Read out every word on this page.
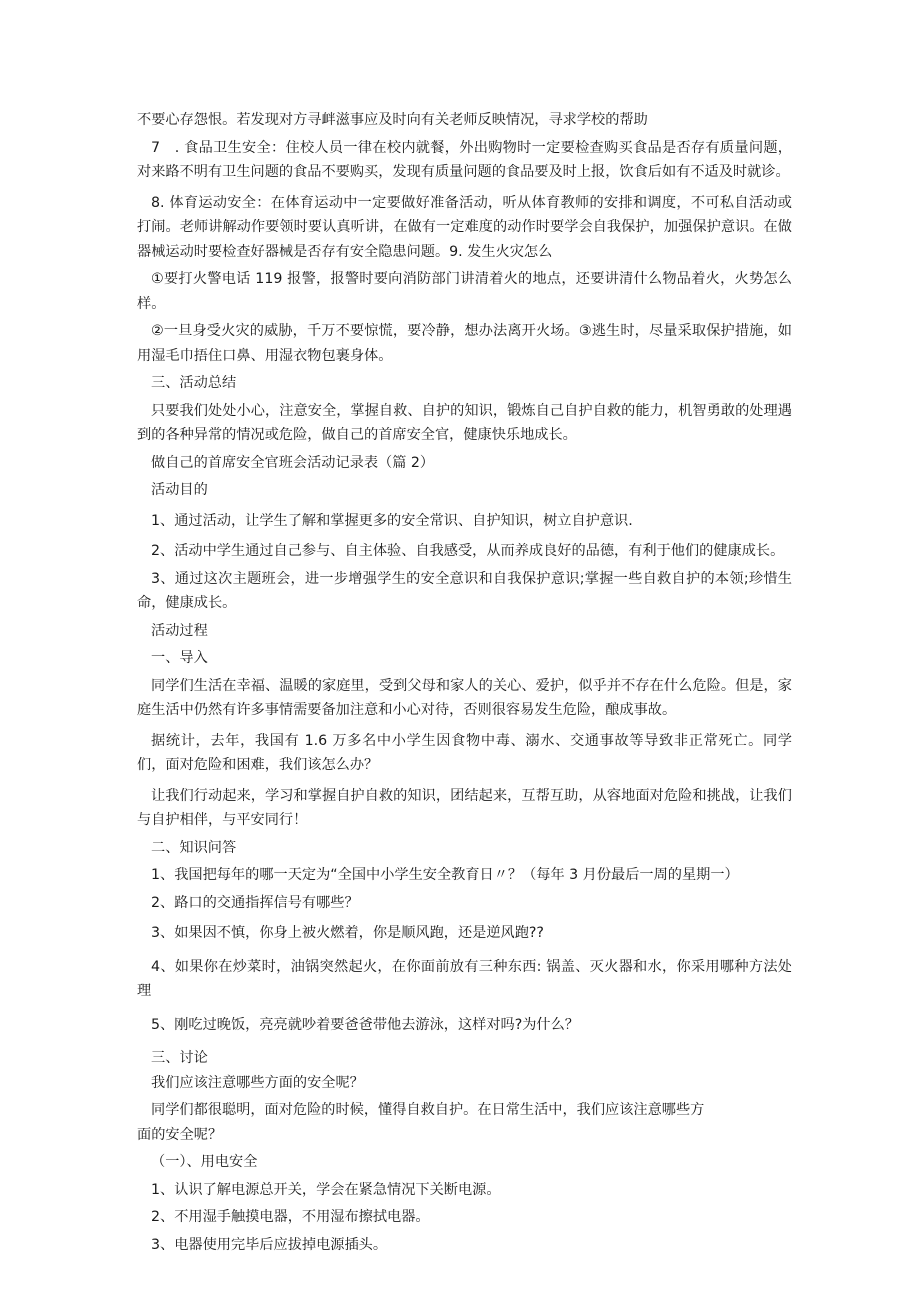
不要心存怨恨。若发现对方寻衅滋事应及时向有关老师反映情况，寻求学校的帮助

7　. 食品卫生安全：住校人员一律在校内就餐，外出购物时一定要检查购买食品是否存有质量问题，对来路不明有卫生问题的食品不要购买，发现有质量问题的食品要及时上报，饮食后如有不适及时就诊。

8. 体育运动安全：在体育运动中一定要做好准备活动，听从体育教师的安排和调度，不可私自活动或打闹。老师讲解动作要领时要认真听讲，在做有一定难度的动作时要学会自我保护，加强保护意识。在做器械运动时要检查好器械是否存有安全隐患问题。9. 发生火灾怎么

①要打火警电话 119 报警，报警时要向消防部门讲清着火的地点，还要讲清什么物品着火，火势怎么样。

②一旦身受火灾的威胁，千万不要惊慌，要冷静，想办法离开火场。③逃生时，尽量采取保护措施，如用湿毛巾捂住口鼻、用湿衣物包裹身体。

三、活动总结

只要我们处处小心，注意安全，掌握自救、自护的知识，锻炼自己自护自救的能力，机智勇敢的处理遇到的各种异常的情况或危险，做自己的首席安全官，健康快乐地成长。

做自己的首席安全官班会活动记录表（篇 2）

活动目的

1、通过活动，让学生了解和掌握更多的安全常识、自护知识，树立自护意识.

2、活动中学生通过自己参与、自主体验、自我感受，从而养成良好的品德，有利于他们的健康成长。

3、通过这次主题班会，进一步增强学生的安全意识和自我保护意识;掌握一些自救自护的本领;珍惜生命，健康成长。

活动过程

一、导入

同学们生活在幸福、温暖的家庭里，受到父母和家人的关心、爱护，似乎并不存在什么危险。但是，家庭生活中仍然有许多事情需要备加注意和小心对待，否则很容易发生危险，酿成事故。

据统计，去年，我国有 1.6 万多名中小学生因食物中毒、溺水、交通事故等导致非正常死亡。同学们，面对危险和困难，我们该怎么办？

让我们行动起来，学习和掌握自护自救的知识，团结起来，互帮互助，从容地面对危险和挑战，让我们与自护相伴，与平安同行！

二、知识问答

1、我国把每年的哪一天定为“全国中小学生安全教育日〃？（每年 3 月份最后一周的星期一）

2、路口的交通指挥信号有哪些？

3、如果因不慎，你身上被火燃着，你是顺风跑，还是逆风跑??

4、如果你在炒菜时，油锅突然起火，在你面前放有三种东西: 锅盖、灭火器和水，你采用哪种方法处理

5、刚吃过晚饭，亮亮就吵着要爸爸带他去游泳，这样对吗?为什么？

三、讨论

我们应该注意哪些方面的安全呢？

同学们都很聪明，面对危险的时候，懂得自救自护。在日常生活中，我们应该注意哪些方

面的安全呢？

（一）、用电安全

1、认识了解电源总开关，学会在紧急情况下关断电源。

2、不用湿手触摸电器，不用湿布擦拭电器。

3、电器使用完毕后应拔掉电源插头。
